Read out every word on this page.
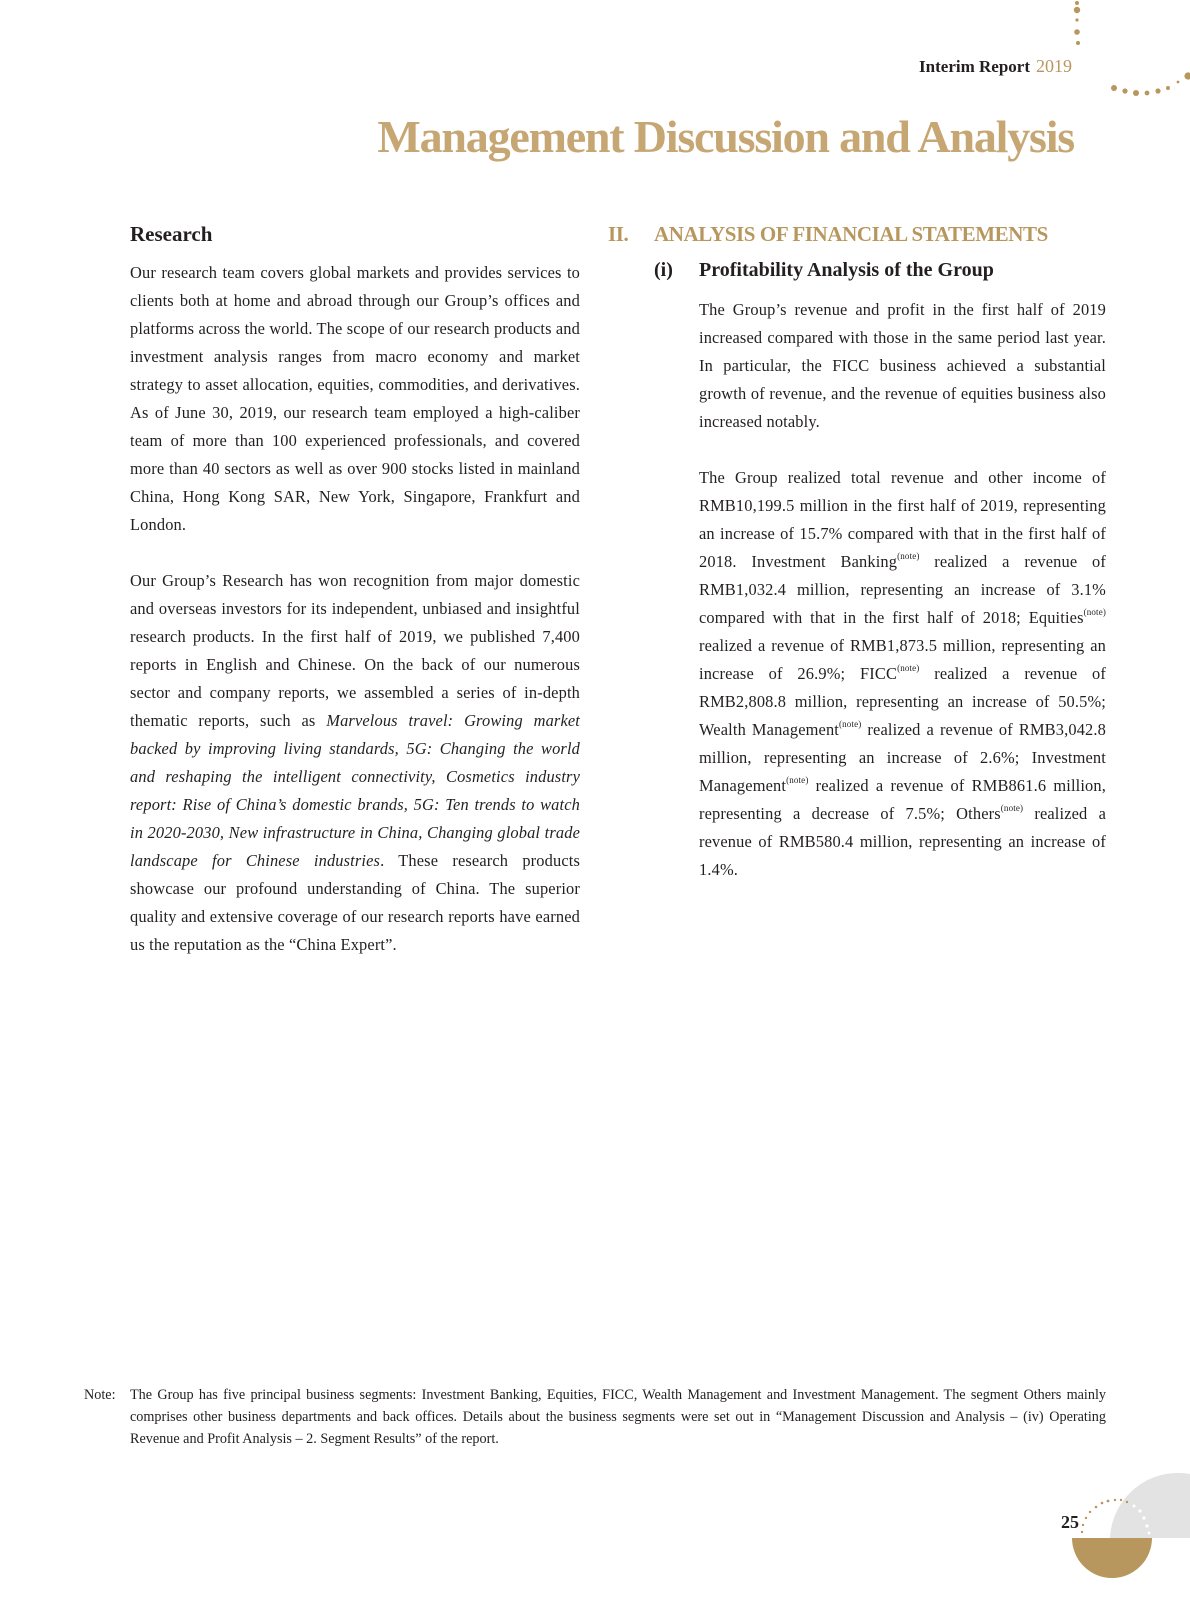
Interim Report 2019
Management Discussion and Analysis
Research

Our research team covers global markets and provides services to clients both at home and abroad through our Group’s offices and platforms across the world. The scope of our research products and investment analysis ranges from macro economy and market strategy to asset allocation, equities, commodities, and derivatives. As of June 30, 2019, our research team employed a high-caliber team of more than 100 experienced professionals, and covered more than 40 sectors as well as over 900 stocks listed in mainland China, Hong Kong SAR, New York, Singapore, Frankfurt and London.

Our Group’s Research has won recognition from major domestic and overseas investors for its independent, unbiased and insightful research products. In the first half of 2019, we published 7,400 reports in English and Chinese. On the back of our numerous sector and company reports, we assembled a series of in-depth thematic reports, such as Marvelous travel: Growing market backed by improving living standards, 5G: Changing the world and reshaping the intelligent connectivity, Cosmetics industry report: Rise of China’s domestic brands, 5G: Ten trends to watch in 2020-2030, New infrastructure in China, Changing global trade landscape for Chinese industries. These research products showcase our profound understanding of China. The superior quality and extensive coverage of our research reports have earned us the reputation as the “China Expert”.

II.	ANALYSIS OF FINANCIAL STATEMENTS
(i)	Profitability Analysis of the Group

The Group’s revenue and profit in the first half of 2019 increased compared with those in the same period last year. In particular, the FICC business achieved a substantial growth of revenue, and the revenue of equities business also increased notably.

The Group realized total revenue and other income of RMB10,199.5 million in the first half of 2019, representing an increase of 15.7% compared with that in the first half of 2018. Investment Banking$^{(note)}$ realized a revenue of RMB1,032.4 million, representing an increase of 3.1% compared with that in the first half of 2018; Equities$^{(note)}$ realized a revenue of RMB1,873.5 million, representing an increase of 26.9%; FICC$^{(note)}$ realized a revenue of RMB2,808.8 million, representing an increase of 50.5%; Wealth Management$^{(note)}$ realized a revenue of RMB3,042.8 million, representing an increase of 2.6%; Investment Management$^{(note)}$ realized a revenue of RMB861.6 million, representing a decrease of 7.5%; Others$^{(note)}$ realized a revenue of RMB580.4 million, representing an increase of 1.4%.

Note:	The Group has five principal business segments: Investment Banking, Equities, FICC, Wealth Management and Investment Management. The segment Others mainly comprises other business departments and back offices. Details about the business segments were set out in “Management Discussion and Analysis – (iv) Operating Revenue and Profit Analysis – 2. Segment Results” of the report.
25
